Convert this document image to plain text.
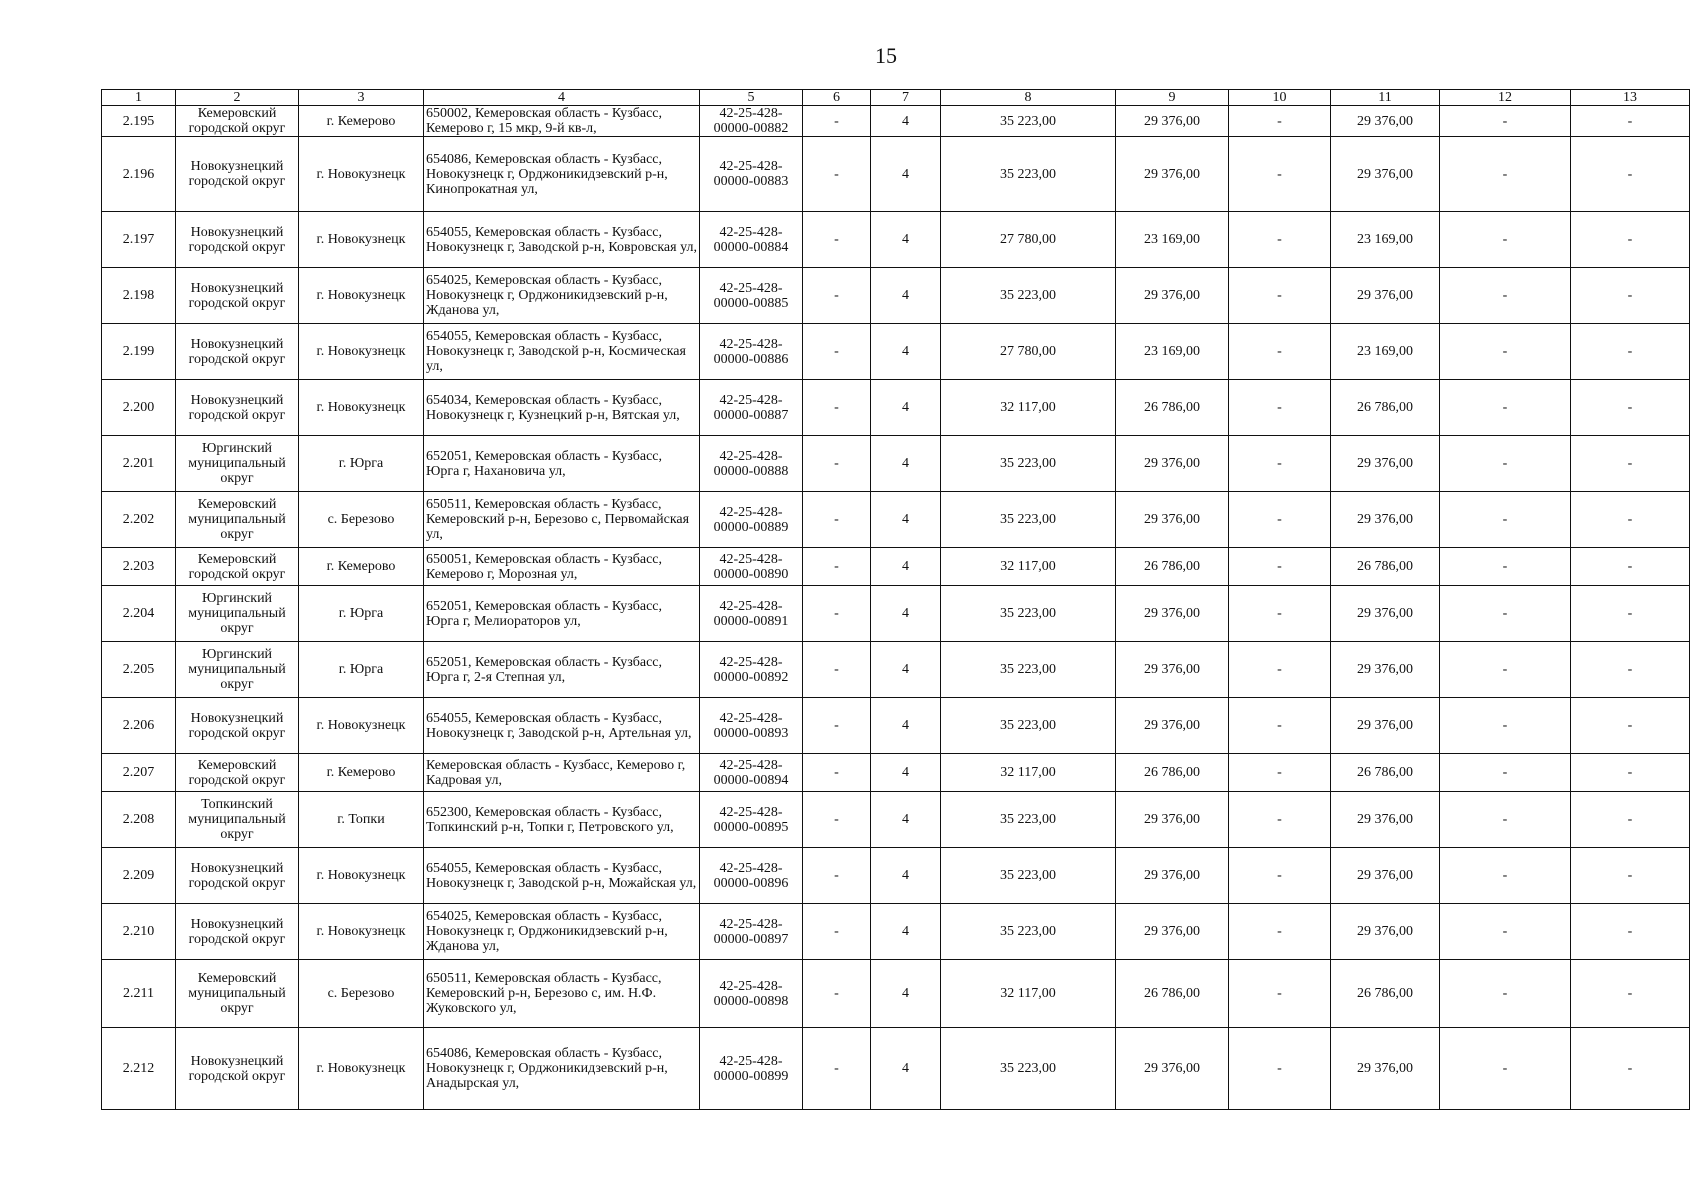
15
1	2	3	4	5	6	7	8	9	10	11	12	13
2.195	Кемеровский городской округ	г. Кемерово	650002, Кемеровская область - Кузбасс, Кемерово г, 15 мкр, 9-й кв-л,	42-25-428-00000-00882	-	4	35 223,00	29 376,00	-	29 376,00	-	-
2.196	Новокузнецкий городской округ	г. Новокузнецк	654086, Кемеровская область - Кузбасс, Новокузнецк г, Орджоникидзевский р-н, Кинопрокатная ул,	42-25-428-00000-00883	-	4	35 223,00	29 376,00	-	29 376,00	-	-
2.197	Новокузнецкий городской округ	г. Новокузнецк	654055, Кемеровская область - Кузбасс, Новокузнецк г, Заводской р-н, Ковровская ул,	42-25-428-00000-00884	-	4	27 780,00	23 169,00	-	23 169,00	-	-
2.198	Новокузнецкий городской округ	г. Новокузнецк	654025, Кемеровская область - Кузбасс, Новокузнецк г, Орджоникидзевский р-н, Жданова ул,	42-25-428-00000-00885	-	4	35 223,00	29 376,00	-	29 376,00	-	-
2.199	Новокузнецкий городской округ	г. Новокузнецк	654055, Кемеровская область - Кузбасс, Новокузнецк г, Заводской р-н, Космическая ул,	42-25-428-00000-00886	-	4	27 780,00	23 169,00	-	23 169,00	-	-
2.200	Новокузнецкий городской округ	г. Новокузнецк	654034, Кемеровская область - Кузбасс, Новокузнецк г, Кузнецкий р-н, Вятская ул,	42-25-428-00000-00887	-	4	32 117,00	26 786,00	-	26 786,00	-	-
2.201	Юргинский муниципальный округ	г. Юрга	652051, Кемеровская область - Кузбасс, Юрга г, Нахановича ул,	42-25-428-00000-00888	-	4	35 223,00	29 376,00	-	29 376,00	-	-
2.202	Кемеровский муниципальный округ	с. Березово	650511, Кемеровская область - Кузбасс, Кемеровский р-н, Березово с, Первомайская ул,	42-25-428-00000-00889	-	4	35 223,00	29 376,00	-	29 376,00	-	-
2.203	Кемеровский городской округ	г. Кемерово	650051, Кемеровская область - Кузбасс, Кемерово г, Морозная ул,	42-25-428-00000-00890	-	4	32 117,00	26 786,00	-	26 786,00	-	-
2.204	Юргинский муниципальный округ	г. Юрга	652051, Кемеровская область - Кузбасс, Юрга г, Мелиораторов ул,	42-25-428-00000-00891	-	4	35 223,00	29 376,00	-	29 376,00	-	-
2.205	Юргинский муниципальный округ	г. Юрга	652051, Кемеровская область - Кузбасс, Юрга г, 2-я Степная ул,	42-25-428-00000-00892	-	4	35 223,00	29 376,00	-	29 376,00	-	-
2.206	Новокузнецкий городской округ	г. Новокузнецк	654055, Кемеровская область - Кузбасс, Новокузнецк г, Заводской р-н, Артельная ул,	42-25-428-00000-00893	-	4	35 223,00	29 376,00	-	29 376,00	-	-
2.207	Кемеровский городской округ	г. Кемерово	Кемеровская область - Кузбасс, Кемерово г, Кадровая ул,	42-25-428-00000-00894	-	4	32 117,00	26 786,00	-	26 786,00	-	-
2.208	Топкинский муниципальный округ	г. Топки	652300, Кемеровская область - Кузбасс, Топкинский р-н, Топки г, Петровского ул,	42-25-428-00000-00895	-	4	35 223,00	29 376,00	-	29 376,00	-	-
2.209	Новокузнецкий городской округ	г. Новокузнецк	654055, Кемеровская область - Кузбасс, Новокузнецк г, Заводской р-н, Можайская ул,	42-25-428-00000-00896	-	4	35 223,00	29 376,00	-	29 376,00	-	-
2.210	Новокузнецкий городской округ	г. Новокузнецк	654025, Кемеровская область - Кузбасс, Новокузнецк г, Орджоникидзевский р-н, Жданова ул,	42-25-428-00000-00897	-	4	35 223,00	29 376,00	-	29 376,00	-	-
2.211	Кемеровский муниципальный округ	с. Березово	650511, Кемеровская область - Кузбасс, Кемеровский р-н, Березово с, им. Н.Ф. Жуковского ул,	42-25-428-00000-00898	-	4	32 117,00	26 786,00	-	26 786,00	-	-
2.212	Новокузнецкий городской округ	г. Новокузнецк	654086, Кемеровская область - Кузбасс, Новокузнецк г, Орджоникидзевский р-н, Анадырская ул,	42-25-428-00000-00899	-	4	35 223,00	29 376,00	-	29 376,00	-	-
